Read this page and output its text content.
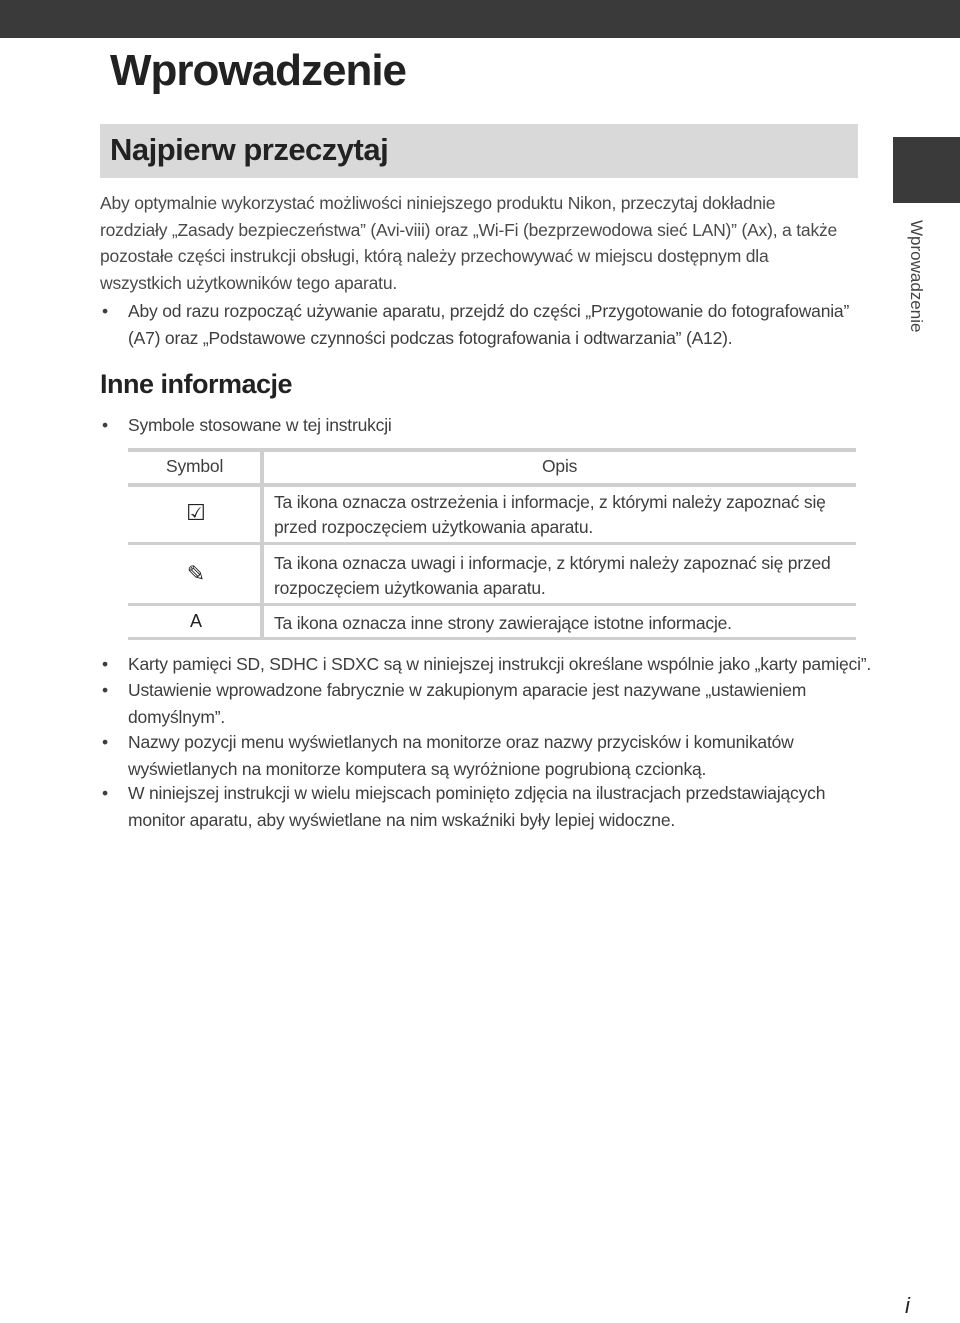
Wprowadzenie
Wprowadzenie
Najpierw przeczytaj

Aby optymalnie wykorzystać możliwości niniejszego produktu Nikon, przeczytaj dokładnie rozdziały „Zasady bezpieczeństwa” (Avi-viii) oraz „Wi-Fi (bezprzewodowa sieć LAN)” (Ax), a także pozostałe części instrukcji obsługi, którą należy przechowywać w miejscu dostępnym dla wszystkich użytkowników tego aparatu.

• Aby od razu rozpocząć używanie aparatu, przejdź do części „Przygotowanie do fotografowania” (A7) oraz „Podstawowe czynności podczas fotografowania i odtwarzania” (A12).
Inne informacje
• Symbole stosowane w tej instrukcji
Symbol	Opis
☑	Ta ikona oznacza ostrzeżenia i informacje, z którymi należy zapoznać się przed rozpoczęciem użytkowania aparatu.
✎	Ta ikona oznacza uwagi i informacje, z którymi należy zapoznać się przed rozpoczęciem użytkowania aparatu.
A	Ta ikona oznacza inne strony zawierające istotne informacje.
• Karty pamięci SD, SDHC i SDXC są w niniejszej instrukcji określane wspólnie jako „karty pamięci”.
• Ustawienie wprowadzone fabrycznie w zakupionym aparacie jest nazywane „ustawieniem domyślnym”.
• Nazwy pozycji menu wyświetlanych na monitorze oraz nazwy przycisków i komunikatów wyświetlanych na monitorze komputera są wyróżnione pogrubioną czcionką.
• W niniejszej instrukcji w wielu miejscach pominięto zdjęcia na ilustracjach przedstawiających monitor aparatu, aby wyświetlane na nim wskaźniki były lepiej widoczne.
i
